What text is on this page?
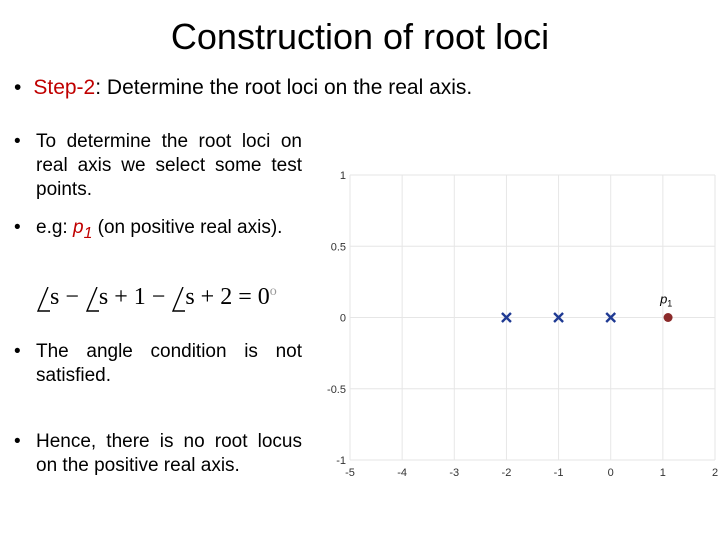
Construction of root loci
• Step-2: Determine the root loci on the real axis.
• To determine the root loci on real axis we select some test points.
• e.g: $p_1$ (on positive real axis).
• The angle condition is not satisfied.
• Hence, there is no root locus on the positive real axis.
s −
s + 1 −
$s + 2 = 0^o$
-5	-4	-3	-2	-1	0	1	2
-1
-0.5
0
0.5
1
$p_1$
